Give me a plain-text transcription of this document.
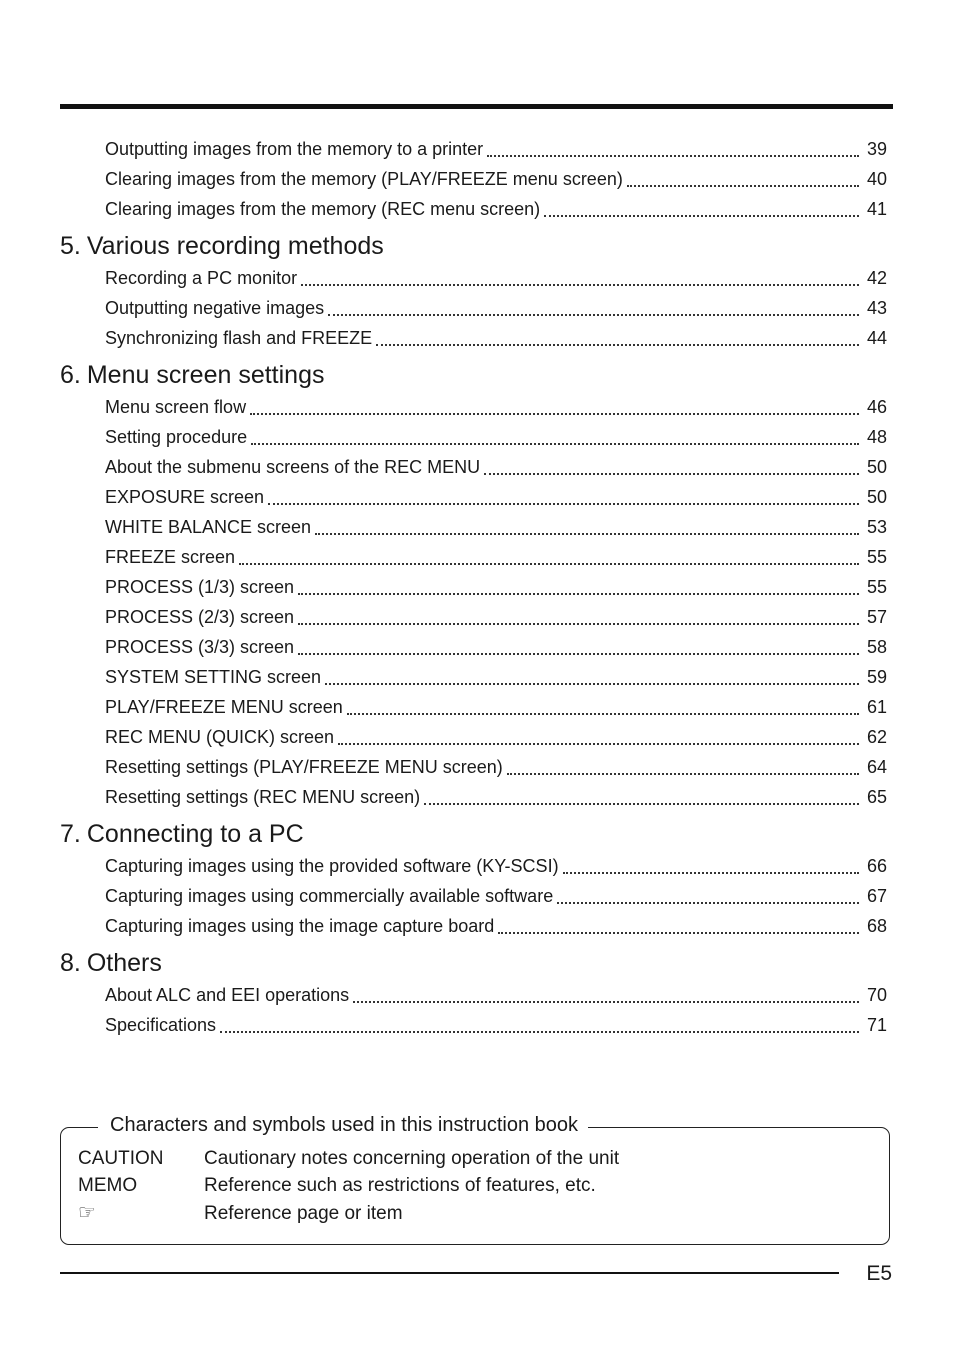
Outputting images from the memory to a printer	39
Clearing images from the memory (PLAY/FREEZE menu screen)	40
Clearing images from the memory (REC menu screen)	41
5. Various recording methods
Recording a PC monitor	42
Outputting negative images	43
Synchronizing flash and FREEZE	44
6. Menu screen settings
Menu screen flow	46
Setting procedure	48
About the submenu screens of the REC MENU	50
EXPOSURE screen	50
WHITE BALANCE screen	53
FREEZE screen	55
PROCESS (1/3) screen	55
PROCESS (2/3) screen	57
PROCESS (3/3) screen	58
SYSTEM SETTING screen	59
PLAY/FREEZE MENU screen	61
REC MENU (QUICK) screen	62
Resetting settings (PLAY/FREEZE MENU screen)	64
Resetting settings (REC MENU screen)	65
7. Connecting to a PC
Capturing images using the provided software (KY-SCSI)	66
Capturing images using commercially available software	67
Capturing images using the image capture board	68
8. Others
About ALC and EEI operations	70
Specifications	71
Characters and symbols used in this instruction book
CAUTION Cautionary notes concerning operation of the unit
MEMO	Reference such as restrictions of features, etc.
☞	Reference page or item
E5
